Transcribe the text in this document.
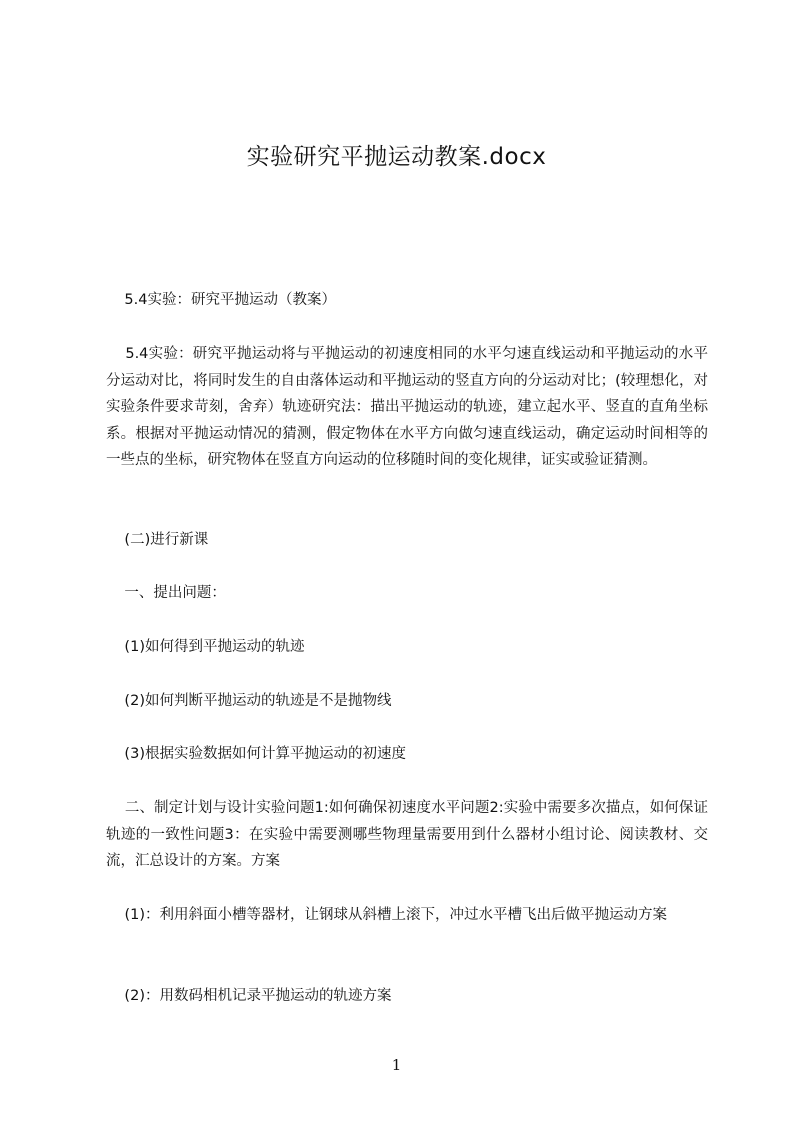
实验研究平抛运动教案.docx

5.4实验：研究平抛运动（教案）

5.4实验：研究平抛运动将与平抛运动的初速度相同的水平匀速直线运动和平抛运动的水平分运动对比，将同时发生的自由落体运动和平抛运动的竖直方向的分运动对比；(较理想化，对实验条件要求苛刻，舍弃）轨迹研究法：描出平抛运动的轨迹，建立起水平、竖直的直角坐标系。根据对平抛运动情况的猜测，假定物体在水平方向做匀速直线运动，确定运动时间相等的一些点的坐标，研究物体在竖直方向运动的位移随时间的变化规律，证实或验证猜测。

(二)进行新课

一、提出问题：

(1)如何得到平抛运动的轨迹

(2)如何判断平抛运动的轨迹是不是抛物线

(3)根据实验数据如何计算平抛运动的初速度

二、制定计划与设计实验问题1:如何确保初速度水平问题2:实验中需要多次描点，如何保证轨迹的一致性问题3：在实验中需要测哪些物理量需要用到什么器材小组讨论、阅读教材、交流，汇总设计的方案。方案

(1)：利用斜面小槽等器材，让钢球从斜槽上滚下，冲过水平槽飞出后做平抛运动方案

(2)：用数码相机记录平抛运动的轨迹方案

1
